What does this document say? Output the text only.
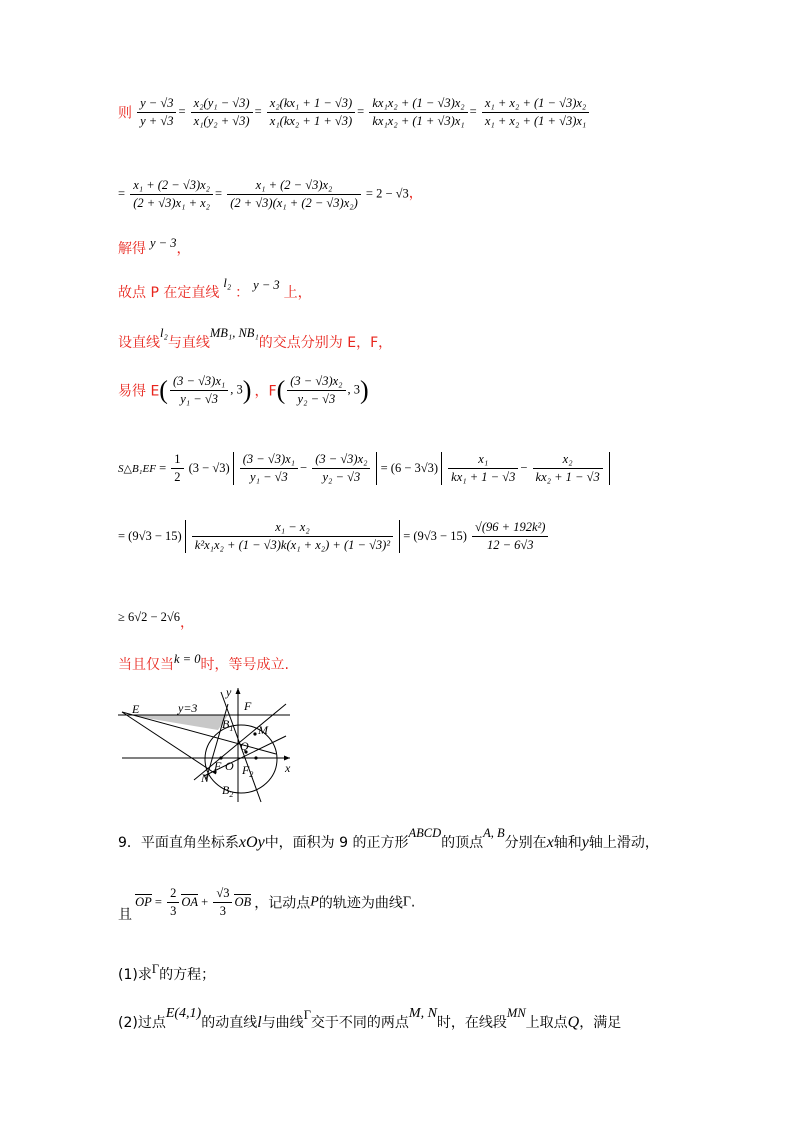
则 $\frac{y - √3}{y + √3} = \frac{\text{x₂(y₁ − √3)}}{\text{x₁(y₂ + √3)}} = \frac{\text{x₂(kx₁ + 1 − √3)}}{\text{x₁(kx₂ + 1 + √3)}} = \frac{\text{kx₁x₂ + (1 − √3)x₂}}{\text{kx₁x₂ + (1 + √3)x₁}} = \frac{\text{x₁ + x₂ + (1 − √3)x₂}}{\text{x₁ + x₂ + (1 + √3)x₁}}$
= $\frac{\text{x₁ + (2 − √3)x₂}}{\text{(2 + √3)x₁ + x₂}} = \frac{\text{x₁ + (2 − √3)x₂}}{\text{(2 + √3)(x₁ + (2 − √3)x₂)}} = 2 - √3$，
解得 $^{y - 3}$，
故点 P 在定直线 $^{l_2}$ ： $^{y - 3}$ 上，
设直线$^{l_2}$与直线$^{MB_1, NB_1}$的交点分别为 E，F，
易得 $E( \frac{\text{(3 − √3)x₁}}{\text{y₁ − √3}}$ , 3) ，$F( \frac{\text{(3 − √3)x₂}}{\text{y₂ − √3}}$ , 3)
S△B₁EF = $\frac{1}{2} (3 - √3) \frac{\text{(3 − √3)x₁}}{\text{y₁ − √3}} - \frac{\text{(3 − √3)x₂}}{\text{y₂ − √3}} = (6 - 3√3) \frac{\text{x₁}}{\text{kx₁ + 1 − √3}} - \frac{\text{x₂}}{\text{kx₂ + 1 − √3}}$
= $(9√3 - 15) \frac{\text{x₁ − x₂}}{\text{k²x₁x₂ + (1 − √3)k(x₁ + x₂) + (1 − √3)²}} = (9√3 - 15) \frac{\text{√(96 + 192k²)}}{12 - 6√3}$
≥ 6√2 − 2√6，
当且仅当$^{k = 0}$时，等号成立.
E	y=3
y
F
$B_1$ M
Q
N
F O $F_2$	x
$B_2$
9．平面直角坐标系xOy中，面积为 9 的正方形$^{ABCD}$的顶点$^{A, B}$分别在x轴和y轴上滑动，
且 OP = $\frac{2}{3}$ OA + $\frac{√3}{3}$ OB ，记动点P的轨迹为曲线Γ.
(1)求$^\Gamma$的方程；
(2)过点E(4,1)的动直线l与曲线$^\Gamma$交于不同的两点M, N时，在线段$^{MN}$上取点Q，满足
